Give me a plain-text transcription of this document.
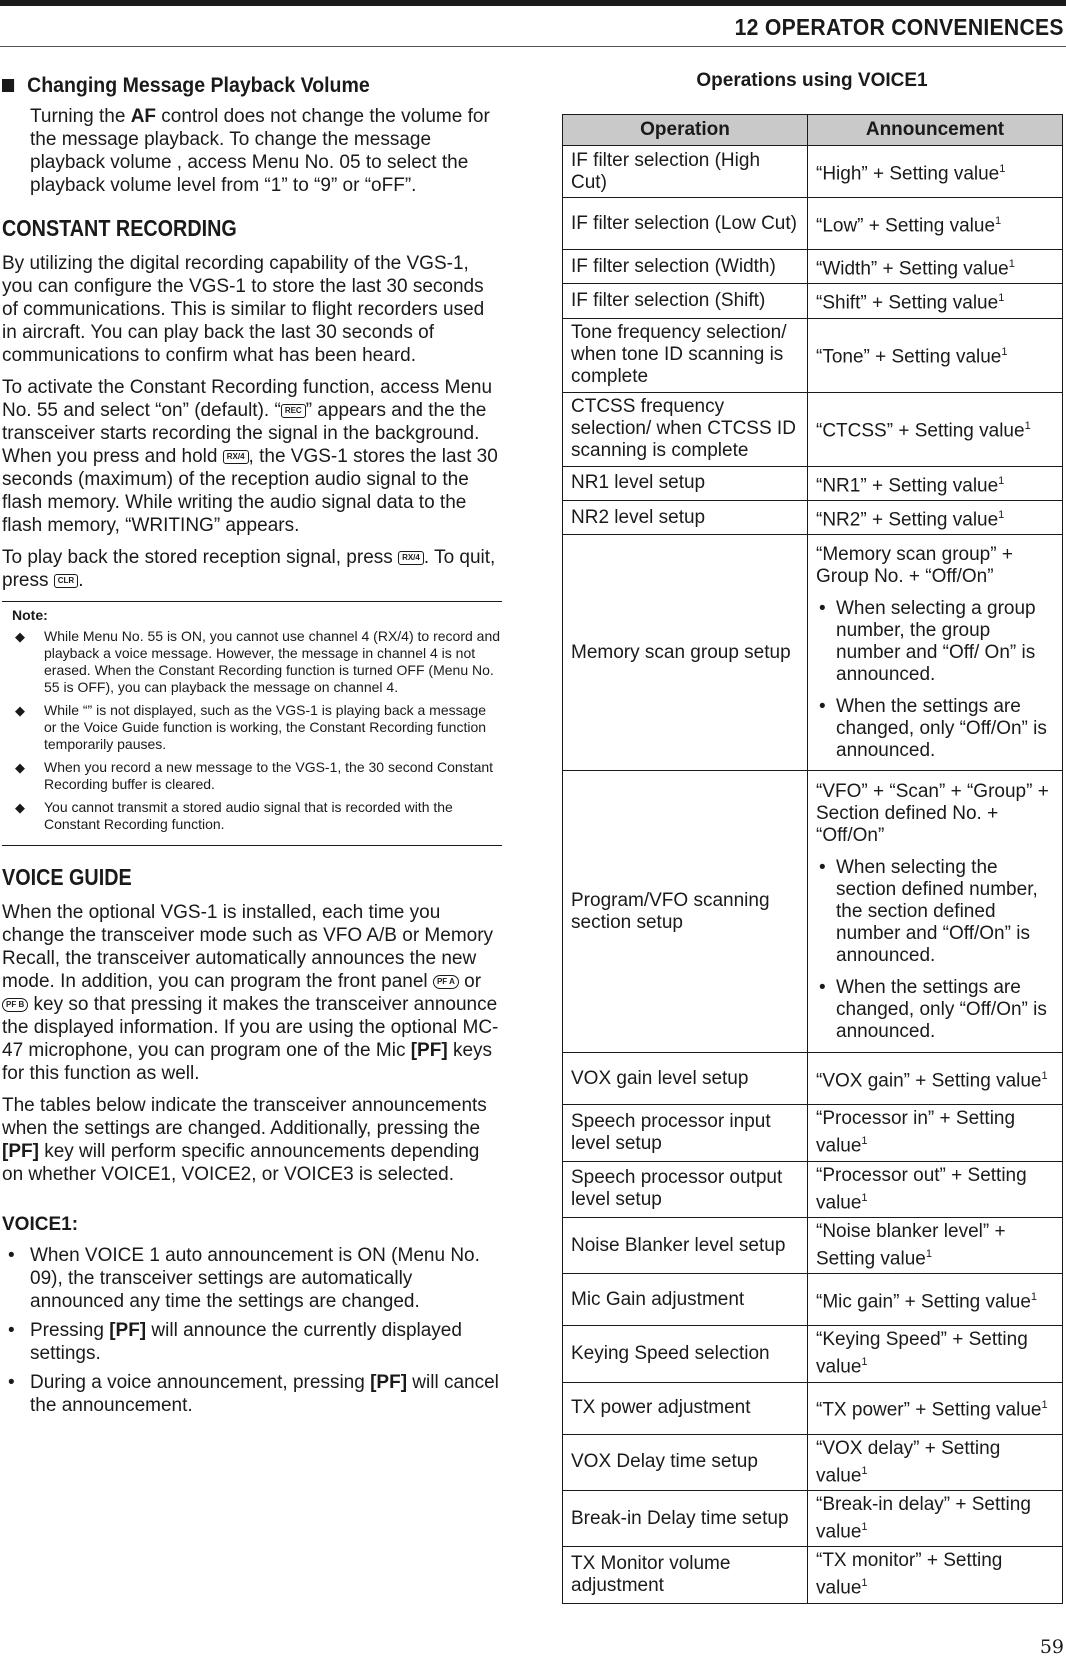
12 OPERATOR CONVENIENCES
Changing Message Playback Volume

Turning the AF control does not change the volume for the message playback. To change the message playback volume , access Menu No. 05 to select the playback volume level from “1” to “9” or “oFF”.

CONSTANT RECORDING

By utilizing the digital recording capability of the VGS-1, you can configure the VGS-1 to store the last 30 seconds of communications. This is similar to flight recorders used in aircraft. You can play back the last 30 seconds of communications to confirm what has been heard.

To activate the Constant Recording function, access Menu No. 55 and select “on” (default). “ REC ” appears and the the transceiver starts recording the signal in the background. When you press and hold RX/4 , the VGS-1 stores the last 30 seconds (maximum) of the reception audio signal to the flash memory. While writing the audio signal data to the flash memory, “WRITING” appears.

To play back the stored reception signal, press RX/4 . To quit, press CLR .

Note:
◆ While Menu No. 55 is ON, you cannot use channel 4 (RX/4) to record and playback a voice message. However, the message in channel 4 is not erased. When the Constant Recording function is turned OFF (Menu No. 55 is OFF), you can playback the message on channel 4.
◆ While “” is not displayed, such as the VGS-1 is playing back a message or the Voice Guide function is working, the Constant Recording function temporarily pauses.
◆ When you record a new message to the VGS-1, the 30 second Constant Recording buffer is cleared.
◆ You cannot transmit a stored audio signal that is recorded with the Constant Recording function.
VOICE GUIDE

When the optional VGS-1 is installed, each time you change the transceiver mode such as VFO A/B or Memory Recall, the transceiver automatically announces the new mode. In addition, you can program the front panel PF A or PF B key so that pressing it makes the transceiver announce the displayed information. If you are using the optional MC-47 microphone, you can program one of the Mic [PF] keys for this function as well.

The tables below indicate the transceiver announcements when the settings are changed. Additionally, pressing the [PF] key will perform specific announcements depending on whether VOICE1, VOICE2, or VOICE3 is selected.

VOICE1:

• When VOICE 1 auto announcement is ON (Menu No. 09), the transceiver settings are automatically announced any time the settings are changed.
• Pressing [PF] will announce the currently displayed settings.
• During a voice announcement, pressing [PF] will cancel the announcement.
Operations using VOICE1
Operation	Announcement
IF filter selection (High Cut)	“High” + Setting value$^1$
IF filter selection (Low Cut)	“Low” + Setting value$^1$
IF filter selection (Width)	“Width” + Setting value$^1$
IF filter selection (Shift)	“Shift” + Setting value$^1$
Tone frequency selection/ when tone ID scanning is complete	“Tone” + Setting value$^1$
CTCSS frequency selection/ when CTCSS ID scanning is complete	“CTCSS” + Setting value$^1$
NR1 level setup	“NR1” + Setting value$^1$
NR2 level setup	“NR2” + Setting value$^1$
Memory scan group setup	“Memory scan group” + Group No. + “Off/On”
• When selecting a group number, the group number and “Off/ On” is announced.
• When the settings are changed, only “Off/On” is announced.

Program/VFO scanning section setup	“VFO” + “Scan” + “Group” + Section defined No. + “Off/On”
• When selecting the section defined number, the section defined number and “Off/On” is announced.
• When the settings are changed, only “Off/On” is announced.

VOX gain level setup	“VOX gain” + Setting value$^1$
Speech processor input level setup	“Processor in” + Setting value$^1$
Speech processor output level setup	“Processor out” + Setting value$^1$
Noise Blanker level setup	“Noise blanker level” + Setting value$^1$
Mic Gain adjustment	“Mic gain” + Setting value$^1$
Keying Speed selection	“Keying Speed” + Setting value$^1$
TX power adjustment	“TX power” + Setting value$^1$
VOX Delay time setup	“VOX delay” + Setting value$^1$
Break-in Delay time setup	“Break-in delay” + Setting value$^1$
TX Monitor volume adjustment	“TX monitor” + Setting value$^1$
59
